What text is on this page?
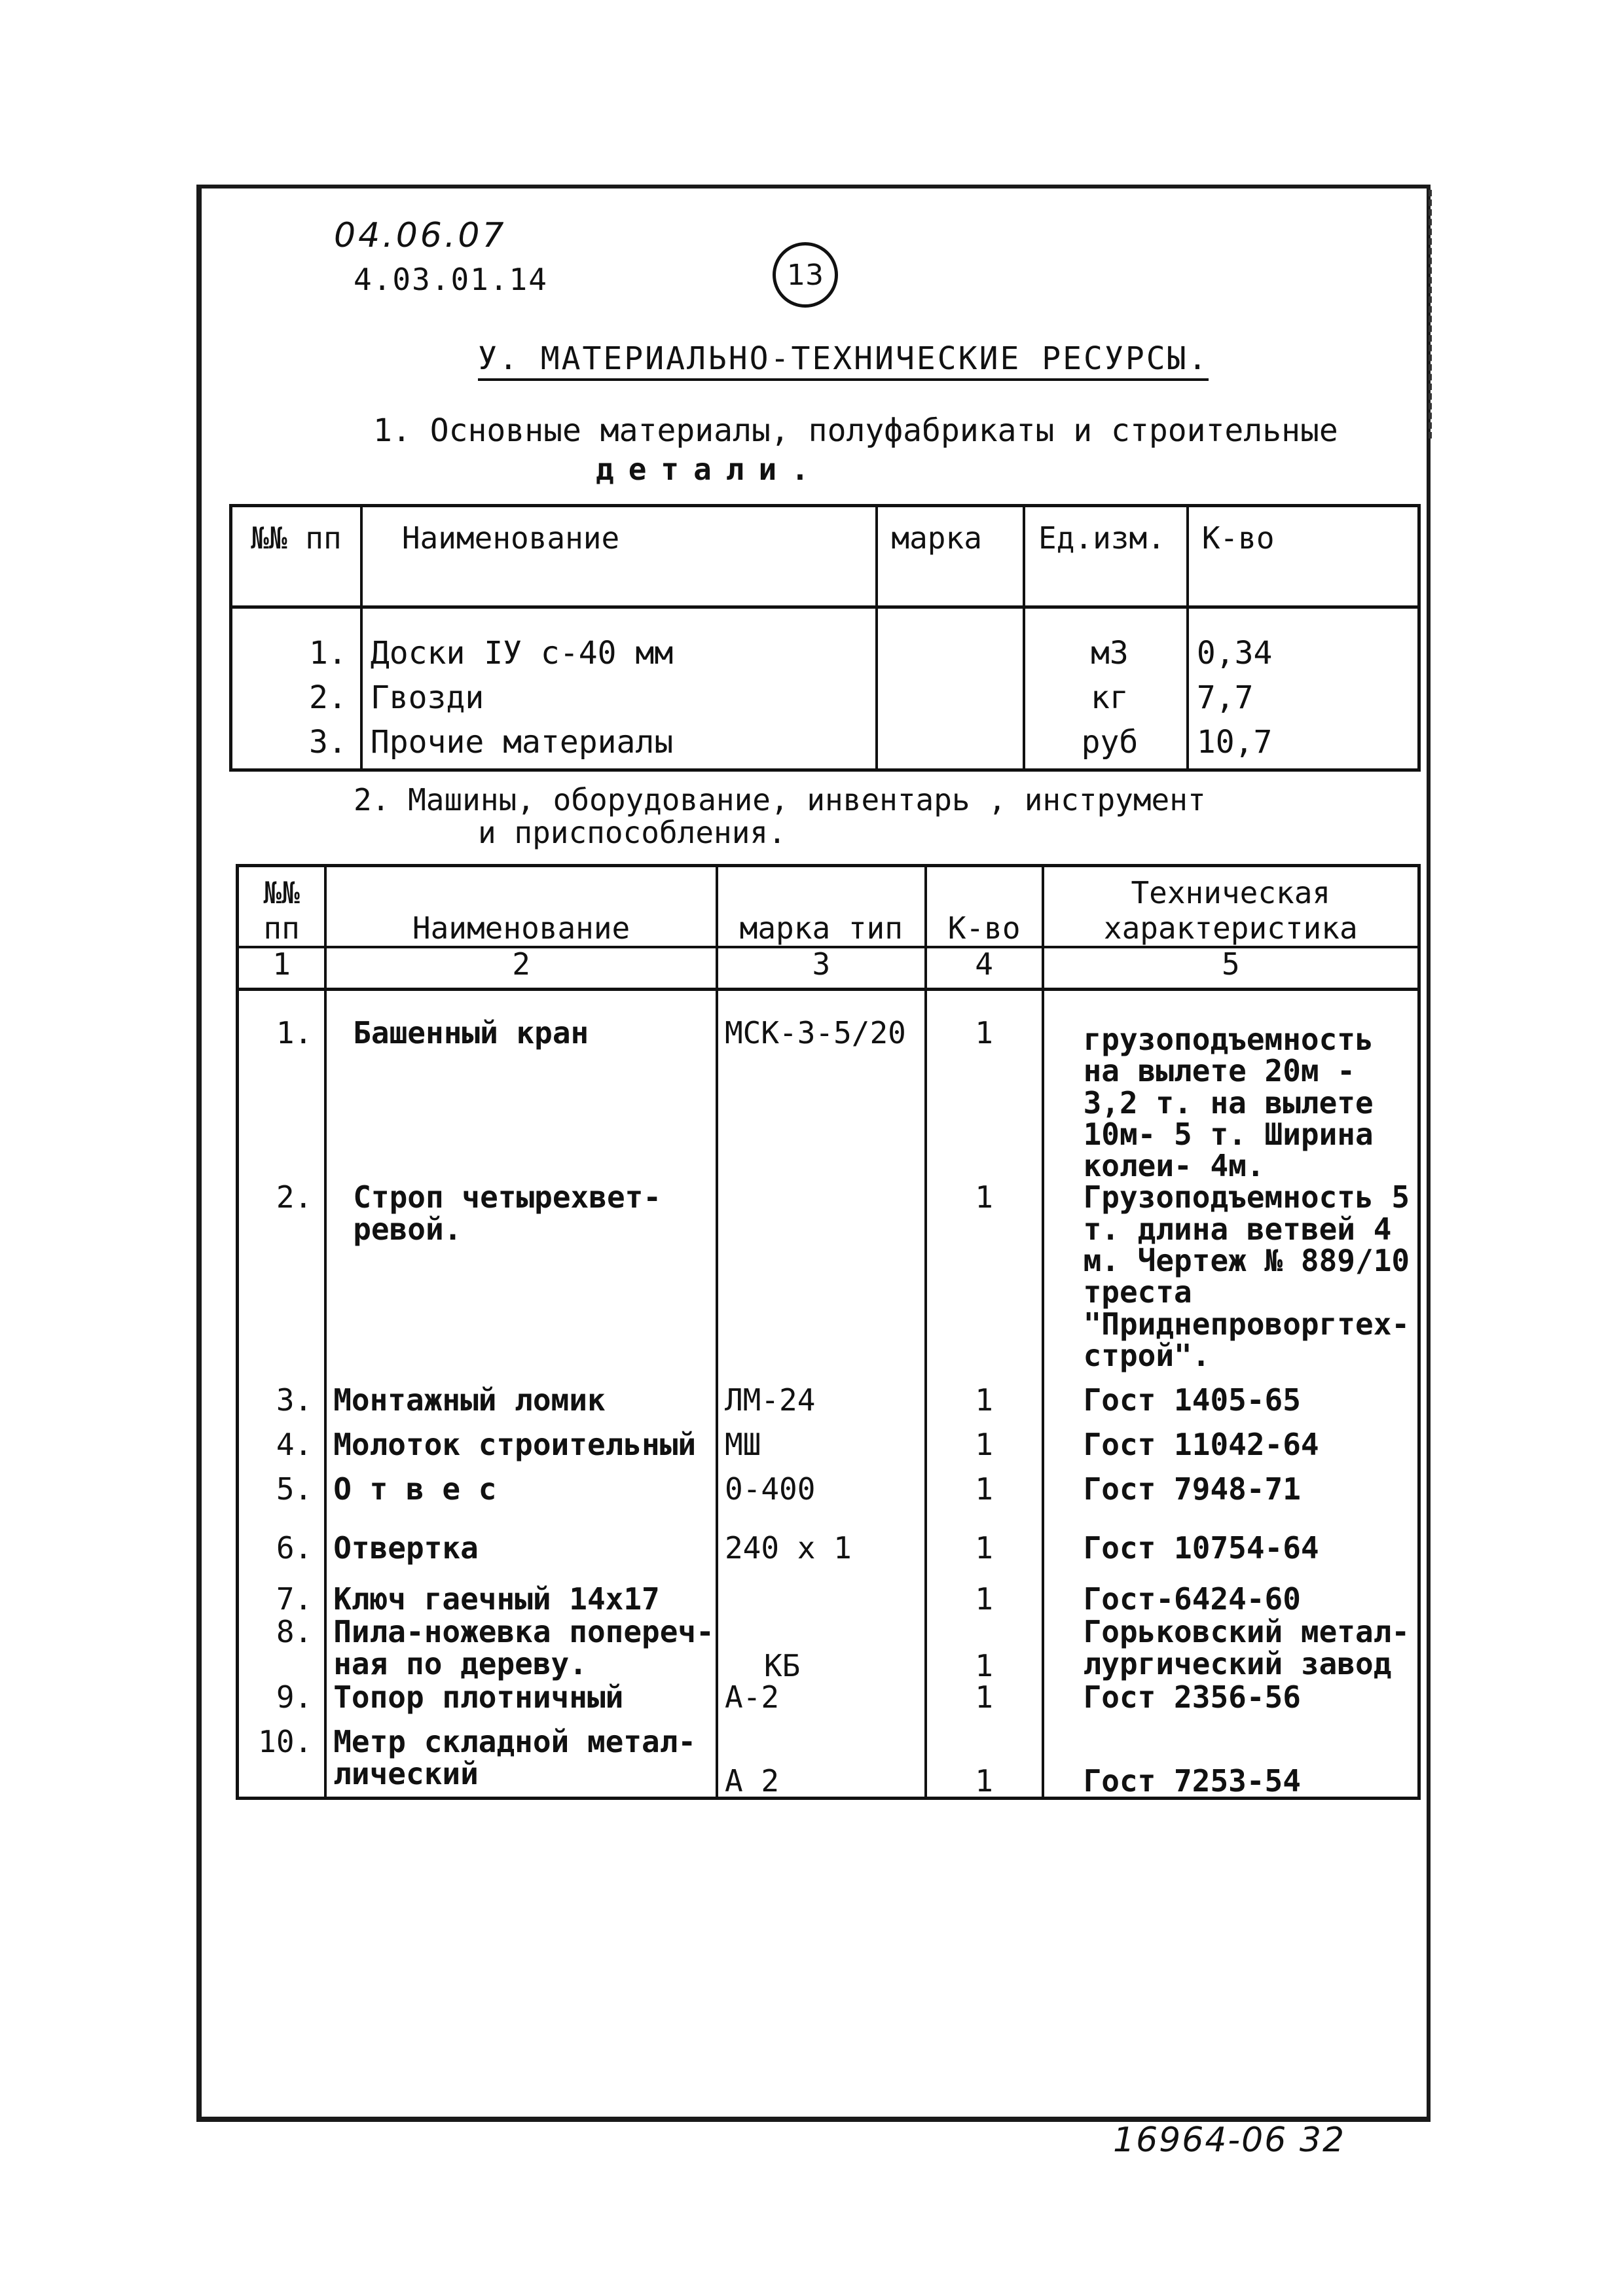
04.06.07
4.03.01.14	13
У. МАТЕРИАЛЬНО-ТЕХНИЧЕСКИЕ РЕСУРСЫ.
1. Основные материалы, полуфабрикаты и строительные
детали.
№№ пп	Наименование	марка	Ед.изм.	К-во
1.	Доски IУ с-40 мм		м3	0,34
2.	Гвозди		кг	7,7
3.	Прочие материалы		руб	10,7
2. Машины, оборудование, инвентарь , инструмент
и приспособления.
№№ пп	Наименование	марка тип	К-во	Техническая характеристика
1	2	3	4	5
1.	Башенный кран	МСК-3-5/20	1	грузоподъемность на вылете 20м - 3,2 т. на вылете 10м- 5 т. Ширина колеи- 4м.
2.	Строп четырехвет-ревой.		1	Грузоподъемность 5 т. длина ветвей 4 м. Чертеж № 889/10 треста "Приднепроворгтех-строй".
3.	Монтажный ломик	ЛМ-24	1	Гост 1405-65
4.	Молоток строительный	МШ	1	Гост 11042-64
5.	О т в е с	0-400	1	Гост 7948-71
6.	Отвертка	240 х 1	1	Гост 10754-64
7.	Ключ гаечный 14х17		1	Гост-6424-60
8.	Пила-ножевка попереч-ная по дереву.	КБ	1	Горьковский метал-лургический завод
9.	Топор плотничный	А-2	1	Гост 2356-56
10.	Метр складной метал-лический	А_2	1	Гост 7253-54
16964-06 32
